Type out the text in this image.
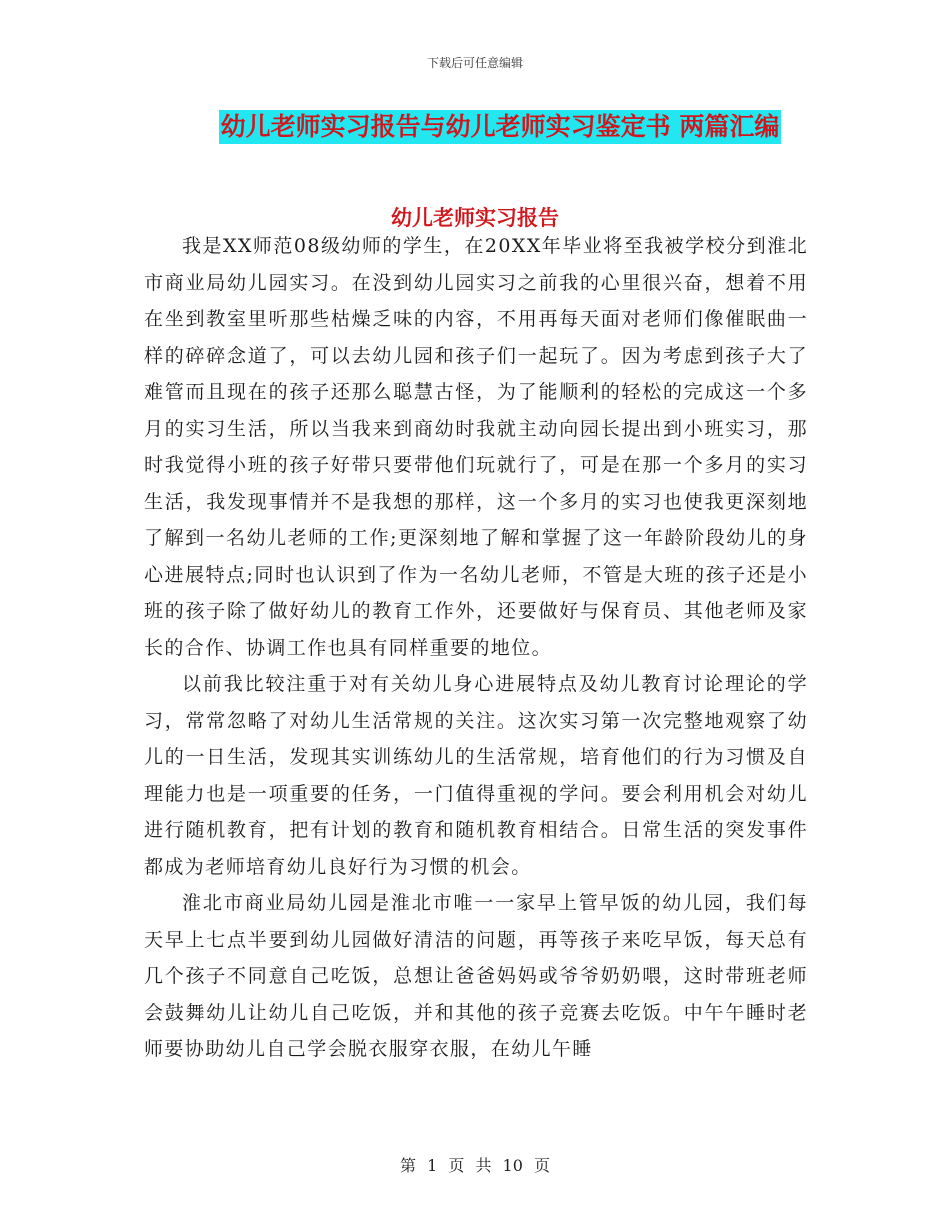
下载后可任意编辑
幼儿老师实习报告与幼儿老师实习鉴定书 两篇汇编
幼儿老师实习报告

我是XX师范08级幼师的学生，在20XX年毕业将至我被学校分到淮北市商业局幼儿园实习。在没到幼儿园实习之前我的心里很兴奋，想着不用在坐到教室里听那些枯燥乏味的内容，不用再每天面对老师们像催眠曲一样的碎碎念道了，可以去幼儿园和孩子们一起玩了。因为考虑到孩子大了难管而且现在的孩子还那么聪慧古怪，为了能顺利的轻松的完成这一个多月的实习生活，所以当我来到商幼时我就主动向园长提出到小班实习，那时我觉得小班的孩子好带只要带他们玩就行了，可是在那一个多月的实习生活，我发现事情并不是我想的那样，这一个多月的实习也使我更深刻地了解到一名幼儿老师的工作;更深刻地了解和掌握了这一年龄阶段幼儿的身心进展特点;同时也认识到了作为一名幼儿老师，不管是大班的孩子还是小班的孩子除了做好幼儿的教育工作外，还要做好与保育员、其他老师及家长的合作、协调工作也具有同样重要的地位。

以前我比较注重于对有关幼儿身心进展特点及幼儿教育讨论理论的学习，常常忽略了对幼儿生活常规的关注。这次实习第一次完整地观察了幼儿的一日生活，发现其实训练幼儿的生活常规，培育他们的行为习惯及自理能力也是一项重要的任务，一门值得重视的学问。要会利用机会对幼儿进行随机教育，把有计划的教育和随机教育相结合。日常生活的突发事件都成为老师培育幼儿良好行为习惯的机会。

淮北市商业局幼儿园是淮北市唯一一家早上管早饭的幼儿园，我们每天早上七点半要到幼儿园做好清洁的问题，再等孩子来吃早饭，每天总有几个孩子不同意自己吃饭，总想让爸爸妈妈或爷爷奶奶喂，这时带班老师会鼓舞幼儿让幼儿自己吃饭，并和其他的孩子竞赛去吃饭。中午午睡时老师要协助幼儿自己学会脱衣服穿衣服，在幼儿午睡

第 1 页 共 10 页
